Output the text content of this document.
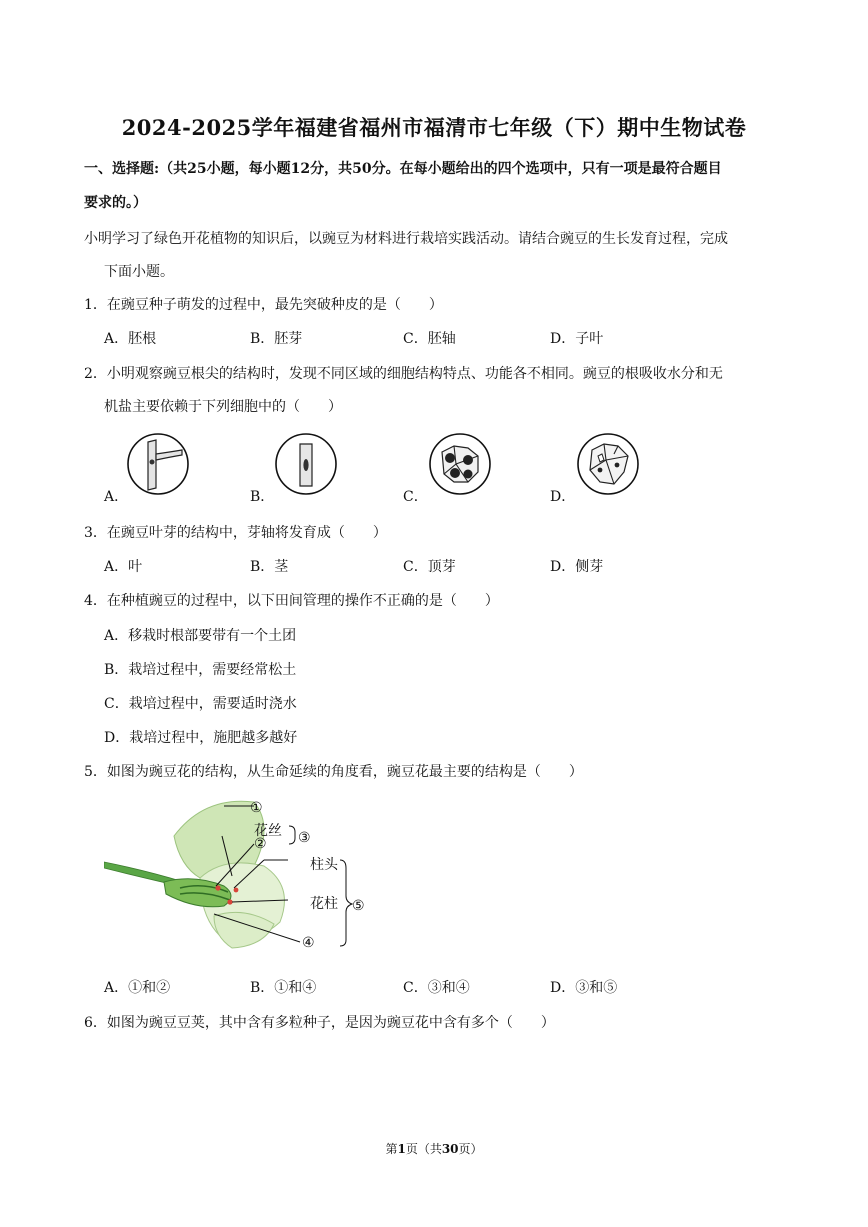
2024-2025学年福建省福州市福清市七年级（下）期中生物试卷
一、选择题:（共25小题，每小题12分，共50分。在每小题给出的四个选项中，只有一项是最符合题目
要求的。）
小明学习了绿色开花植物的知识后，以豌豆为材料进行栽培实践活动。请结合豌豆的生长发育过程，完成
下面小题。
1．在豌豆种子萌发的过程中，最先突破种皮的是（　　）
A．胚根	B．胚芽	C．胚轴	D．子叶
2．小明观察豌豆根尖的结构时，发现不同区域的细胞结构特点、功能各不相同。豌豆的根吸收水分和无
机盐主要依赖于下列细胞中的（　　）
A．	B．	C．	D．
3．在豌豆叶芽的结构中，芽轴将发育成（　　）
A．叶	B．茎	C．顶芽	D．侧芽
4．在种植豌豆的过程中，以下田间管理的操作不正确的是（　　）
A．移栽时根部要带有一个土团
B．栽培过程中，需要经常松土
C．栽培过程中，需要适时浇水
D．栽培过程中，施肥越多越好
5．如图为豌豆花的结构，从生命延续的角度看，豌豆花最主要的结构是（　　）
①
花丝 ③
②
柱头
花柱 ⑤
④
A．①和②	B．①和④	C．③和④	D．③和⑤
6．如图为豌豆豆荚，其中含有多粒种子，是因为豌豆花中含有多个（　　）
第1页（共30页）
